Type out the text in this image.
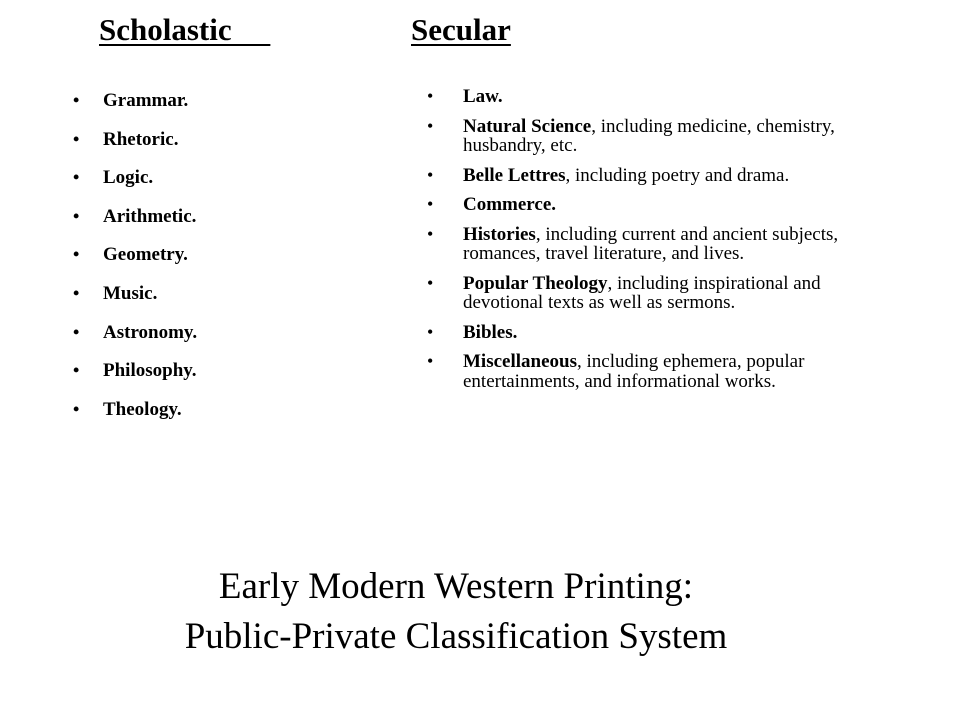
Scholastic	Secular
• Grammar.
• Rhetoric.
• Logic.
• Arithmetic.
• Geometry.
• Music.
• Astronomy.
• Philosophy.
• Theology.
• Law.
• Natural Science, including medicine, chemistry, husbandry, etc.
• Belle Lettres, including poetry and drama.
• Commerce.
• Histories, including current and ancient subjects, romances, travel literature, and lives.
• Popular Theology, including inspirational and devotional texts as well as sermons.
• Bibles.
• Miscellaneous, including ephemera, popular entertainments, and informational works.
Early Modern Western Printing:
Public-Private Classification System
